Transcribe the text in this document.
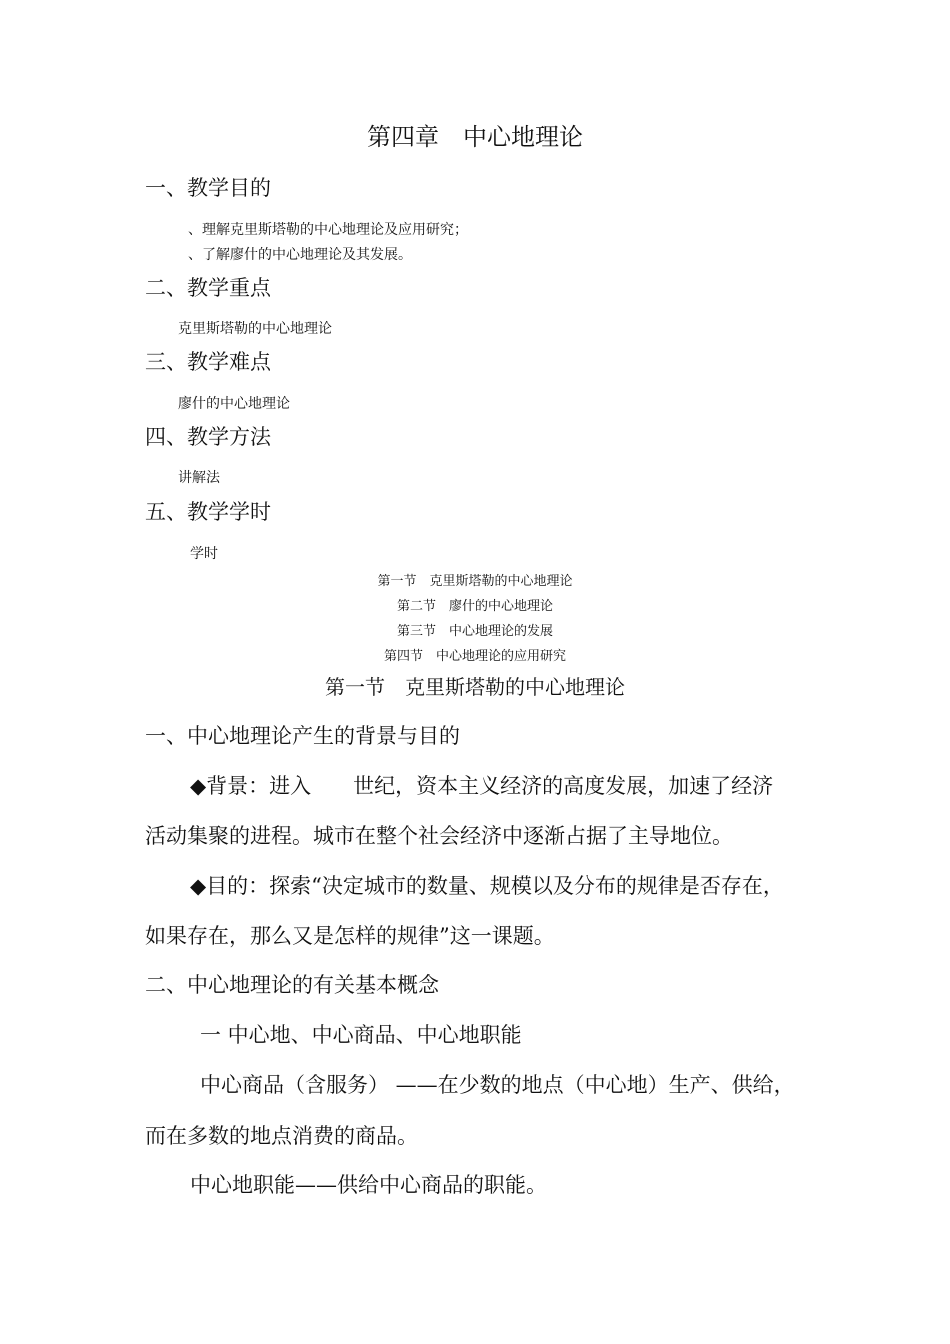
第四章　中心地理论
一、教学目的
、理解克里斯塔勒的中心地理论及应用研究；
、了解廖什的中心地理论及其发展。
二、教学重点
克里斯塔勒的中心地理论
三、教学难点
廖什的中心地理论
四、教学方法
讲解法
五、教学学时
学时
第一节　克里斯塔勒的中心地理论
第二节　廖什的中心地理论
第三节　中心地理论的发展
第四节　中心地理论的应用研究
第一节　克里斯塔勒的中心地理论
一、中心地理论产生的背景与目的
◆背景：进入　　世纪，资本主义经济的高度发展，加速了经济
活动集聚的进程。城市在整个社会经济中逐渐占据了主导地位。
◆目的：探索“决定城市的数量、规模以及分布的规律是否存在，
如果存在，那么又是怎样的规律”这一课题。
二、中心地理论的有关基本概念
一 中心地、中心商品、中心地职能
中心商品（含服务） ——在少数的地点（中心地）生产、供给，
而在多数的地点消费的商品。
中心地职能——供给中心商品的职能。
